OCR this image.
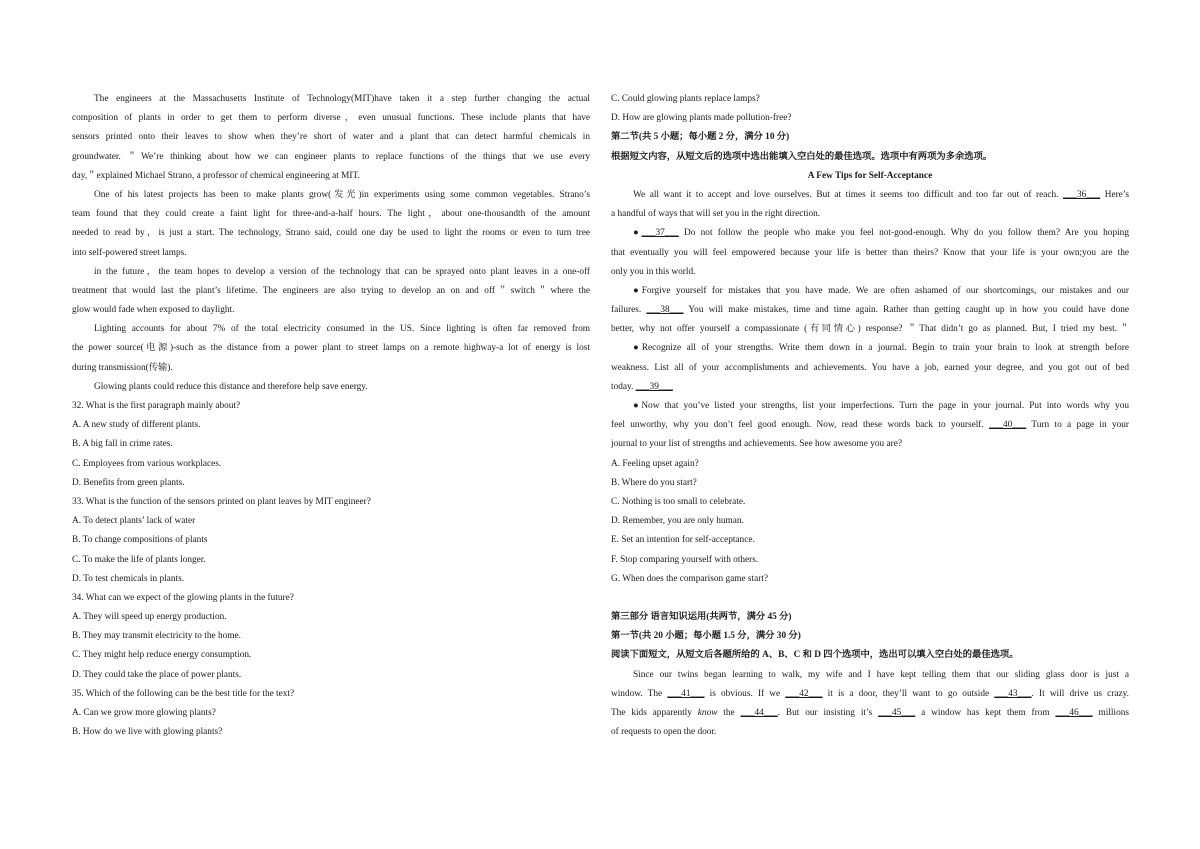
The engineers at the Massachusetts Institute of Technology(MIT)have taken it a step further changing the actual

composition of plants in order to get them to perform diverse，even unusual functions. These include plants that have

sensors printed onto their leaves to show when they’re short of water and a plant that can detect harmful chemicals in

groundwater. ＂We’re thinking about how we can engineer plants to replace functions of the things that we use every

day,＂explained Michael Strano, a professor of chemical engineering at MIT.

One of his latest projects has been to make plants grow(发光)in experiments using some common vegetables. Strano’s

team found that they could create a faint light for three-and-a-half hours. The light，about one-thousandth of the amount

needed to read by，is just a start. The technology, Strano said, could one day be used to light the rooms or even to turn tree

into self-powered street lamps.

in the future，the team hopes to develop a version of the technology that can be sprayed onto plant leaves in a one-off

treatment that would last the plant’s lifetime. The engineers are also trying to develop an on and off＂switch＂where the

glow would fade when exposed to daylight.

Lighting accounts for about 7% of the total electricity consumed in the US. Since lighting is often far removed from

the power source(电源)-such as the distance from a power plant to street lamps on a remote highway-a lot of energy is lost

during transmission(传输).

Glowing plants could reduce this distance and therefore help save energy.

32. What is the first paragraph mainly about?

A. A new study of different plants.

B. A big fall in crime rates.

C. Employees from various workplaces.

D. Benefits from green plants.

33. What is the function of the sensors printed on plant leaves by MIT engineer?

A. To detect plants’ lack of water

B. To change compositions of plants

C. To make the life of plants longer.

D. To test chemicals in plants.

34. What can we expect of the glowing plants in the future?

A. They will speed up energy production.

B. They may transmit electricity to the home.

C. They might help reduce energy consumption.

D. They could take the place of power plants.

35. Which of the following can be the best title for the text?

A. Can we grow more glowing plants?

B. How do we live with glowing plants?

C. Could glowing plants replace lamps?

D. How are glowing plants made pollution-free?

第二节(共 5 小题；每小题 2 分，满分 10 分)

根据短文内容，从短文后的选项中选出能填入空白处的最佳选项。选项中有两项为多余选项。

A Few Tips for Self-Acceptance

We all want it to accept and love ourselves. But at times it seems too difficult and too far out of reach. ___36___ Here’s

a handful of ways that will set you in the right direction.

●___37___ Do not follow the people who make you feel not-good-enough. Why do you follow them? Are you hoping

that eventually you will feel empowered because your life is better than theirs? Know that your life is your own;you are the

only you in this world.

●Forgive yourself for mistakes that you have made. We are often ashamed of our shortcomings, our mistakes and our

failures. ___38___ You will make mistakes, time and time again. Rather than getting caught up in how you could have done

better, why not offer yourself a compassionate (有同情心) response? ＂That didn’t go as planned. But, I tried my best.＂

●Recognize all of your strengths. Write them down in a journal. Begin to train your brain to look at strength before

weakness. List all of your accomplishments and achievements. You have a job, earned your degree, and you got out of bed

today. ___39___

●Now that you’ve listed your strengths, list your imperfections. Turn the page in your journal. Put into words why you

feel unworthy, why you don’t feel good enough. Now, read these words back to yourself. ___40___ Turn to a page in your

journal to your list of strengths and achievements. See how awesome you are?

A. Feeling upset again?

B. Where do you start?

C. Nothing is too small to celebrate.

D. Remember, you are only human.

E. Set an intention for self-acceptance.

F. Stop comparing yourself with others.

G. When does the comparison game start?

第三部分 语言知识运用(共两节，满分 45 分)

第一节(共 20 小题；每小题 1.5 分，满分 30 分)

阅读下面短文，从短文后各题所给的 A、B、C 和 D 四个选项中，选出可以填入空白处的最佳选项。

Since our twins began learning to walk, my wife and I have kept telling them that our sliding glass door is just a

window. The ___41___ is obvious. If we ___42___ it is a door, they’ll want to go outside ___43___. It will drive us crazy.

The kids apparently know the ___44___. But our insisting it’s ___45___ a window has kept them from ___46___ millions

of requests to open the door.
